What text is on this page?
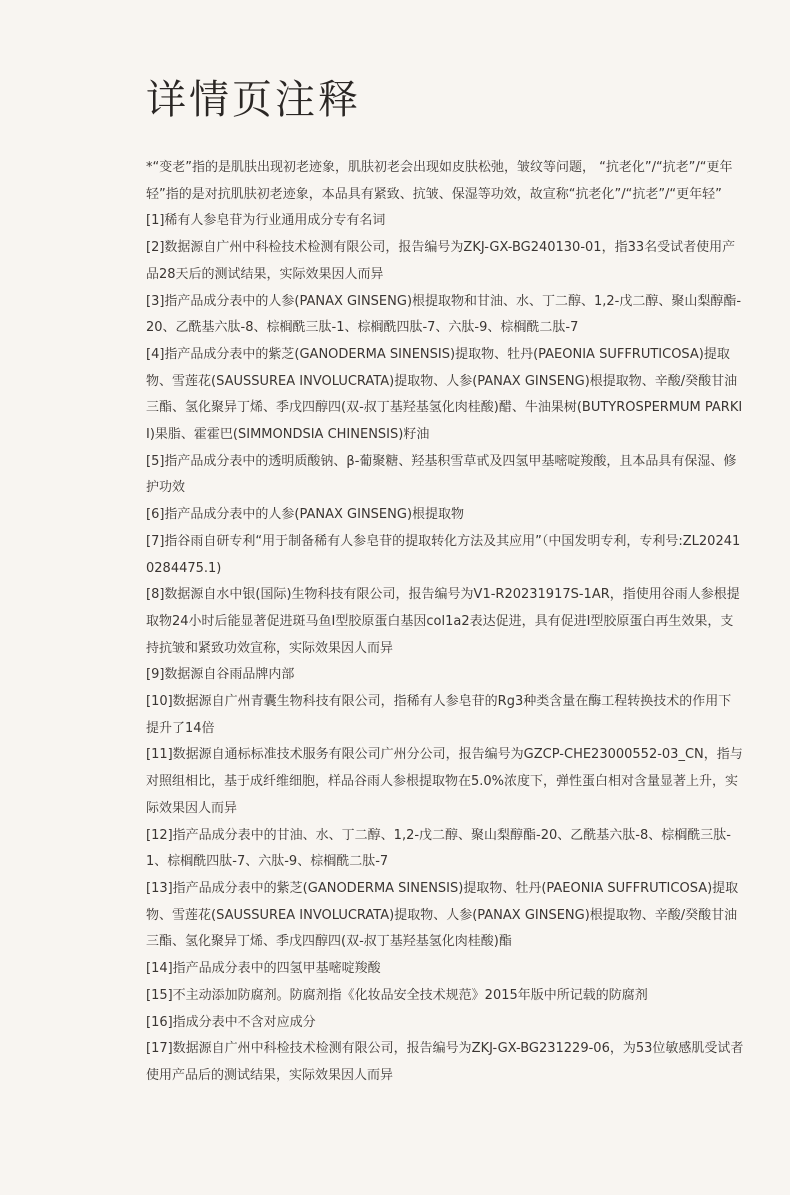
详情页注释
*“变老”指的是肌肤出现初老迹象，肌肤初老会出现如皮肤松弛，皱纹等问题， “抗老化”/“抗老”/“更年轻”指的是对抗肌肤初老迹象，本品具有紧致、抗皱、保湿等功效，故宣称“抗老化”/“抗老”/“更年轻”
[1]稀有人参皂苷为行业通用成分专有名词
[2]数据源自广州中科检技术检测有限公司，报告编号为ZKJ-GX-BG240130-01，指33名受试者使用产品28天后的测试结果，实际效果因人而异
[3]指产品成分表中的人参(PANAX GINSENG)根提取物和甘油、水、丁二醇、1,2-戊二醇、聚山梨醇酯-20、乙酰基六肽-8、棕榈酰三肽-1、棕榈酰四肽-7、六肽-9、棕榈酰二肽-7
[4]指产品成分表中的紫芝(GANODERMA SINENSIS)提取物、牡丹(PAEONIA SUFFRUTICOSA)提取物、雪莲花(SAUSSUREA INVOLUCRATA)提取物、人参(PANAX GINSENG)根提取物、辛酸/癸酸甘油三酯、氢化聚异丁烯、季戊四醇四(双-叔丁基羟基氢化肉桂酸)醋、牛油果树(BUTYROSPERMUM PARKII)果脂、霍霍巴(SIMMONDSIA CHINENSIS)籽油
[5]指产品成分表中的透明质酸钠、β-葡聚糖、羟基积雪草甙及四氢甲基嘧啶羧酸，且本品具有保湿、修护功效
[6]指产品成分表中的人参(PANAX GINSENG)根提取物
[7]指谷雨自研专利“用于制备稀有人参皂苷的提取转化方法及其应用”（中国发明专利，专利号:ZL202410284475.1)
[8]数据源自水中银(国际)生物科技有限公司，报告编号为V1-R20231917S-1AR，指使用谷雨人参根提取物24小时后能显著促进斑马鱼Ⅰ型胶原蛋白基因col1a2表达促进，具有促进Ⅰ型胶原蛋白再生效果，支持抗皱和紧致功效宣称，实际效果因人而异
[9]数据源自谷雨品牌内部
[10]数据源自广州青囊生物科技有限公司，指稀有人参皂苷的Rg3种类含量在酶工程转换技术的作用下提升了14倍
[11]数据源自通标标准技术服务有限公司广州分公司，报告编号为GZCP-CHE23000552-03_CN，指与对照组相比，基于成纤维细胞，样品谷雨人参根提取物在5.0%浓度下，弹性蛋白相对含量显著上升，实际效果因人而异
[12]指产品成分表中的甘油、水、丁二醇、1,2-戊二醇、聚山梨醇酯-20、乙酰基六肽-8、棕榈酰三肽-1、棕榈酰四肽-7、六肽-9、棕榈酰二肽-7
[13]指产品成分表中的紫芝(GANODERMA SINENSIS)提取物、牡丹(PAEONIA SUFFRUTICOSA)提取物、雪莲花(SAUSSUREA INVOLUCRATA)提取物、人参(PANAX GINSENG)根提取物、辛酸/癸酸甘油三酯、氢化聚异丁烯、季戊四醇四(双-叔丁基羟基氢化肉桂酸)酯
[14]指产品成分表中的四氢甲基嘧啶羧酸
[15]不主动添加防腐剂。防腐剂指《化妆品安全技术规范》2015年版中所记载的防腐剂
[16]指成分表中不含对应成分
[17]数据源自广州中科检技术检测有限公司，报告编号为ZKJ-GX-BG231229-06，为53位敏感肌受试者使用产品后的测试结果，实际效果因人而异
